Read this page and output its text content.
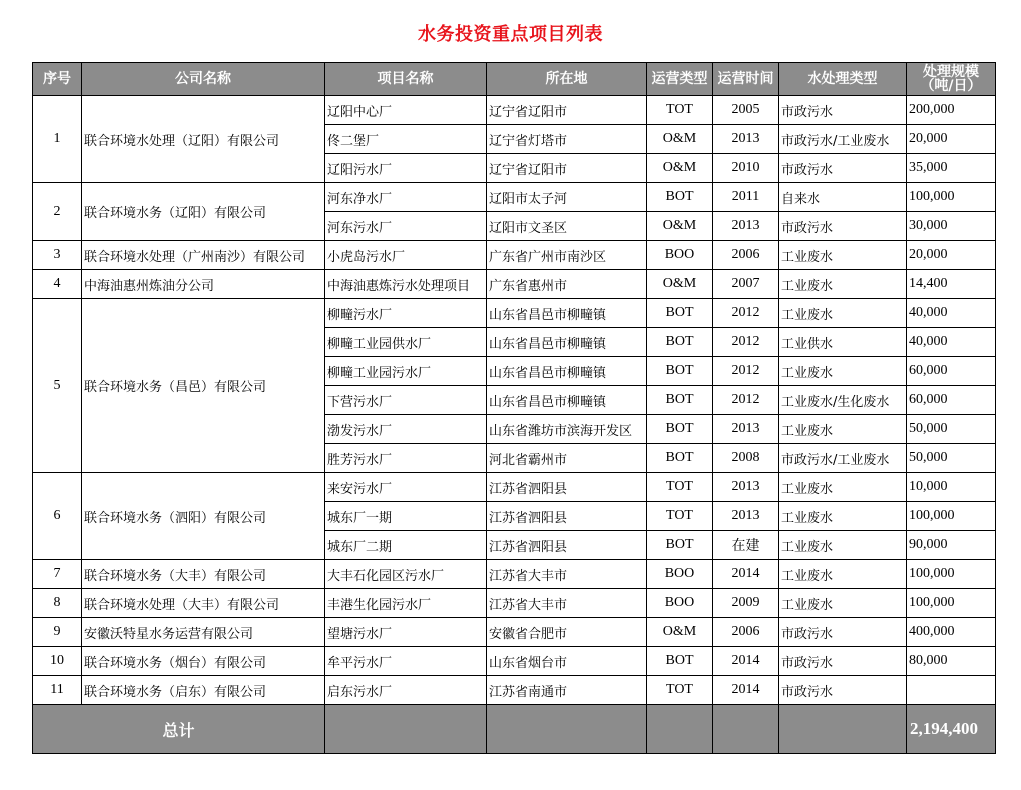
水务投资重点项目列表
序号	公司名称	项目名称	所在地	运营类型	运营时间	水处理类型	处理规模
（吨/日）

1	联合环境水处理（辽阳）有限公司	辽阳中心厂	辽宁省辽阳市	TOT	2005	市政污水	200,000
		佟二堡厂	辽宁省灯塔市	O&M	2013	市政污水/工业废水	20,000
		辽阳污水厂	辽宁省辽阳市	O&M	2010	市政污水	35,000
2	联合环境水务（辽阳）有限公司	河东净水厂	辽阳市太子河	BOT	2011	自来水	100,000
		河东污水厂	辽阳市文圣区	O&M	2013	市政污水	30,000
3	联合环境水处理（广州南沙）有限公司	小虎岛污水厂	广东省广州市南沙区	BOO	2006	工业废水	20,000
4	中海油惠州炼油分公司	中海油惠炼污水处理项目	广东省惠州市	O&M	2007	工业废水	14,400
5	联合环境水务（昌邑）有限公司	柳疃污水厂	山东省昌邑市柳疃镇	BOT	2012	工业废水	40,000
		柳疃工业园供水厂	山东省昌邑市柳疃镇	BOT	2012	工业供水	40,000
		柳疃工业园污水厂	山东省昌邑市柳疃镇	BOT	2012	工业废水	60,000
		下营污水厂	山东省昌邑市柳疃镇	BOT	2012	工业废水/生化废水	60,000
		渤发污水厂	山东省潍坊市滨海开发区	BOT	2013	工业废水	50,000
		胜芳污水厂	河北省霸州市	BOT	2008	市政污水/工业废水	50,000
6	联合环境水务（泗阳）有限公司	来安污水厂	江苏省泗阳县	TOT	2013	工业废水	10,000
		城东厂一期	江苏省泗阳县	TOT	2013	工业废水	100,000
		城东厂二期	江苏省泗阳县	BOT	在建	工业废水	90,000
7	联合环境水务（大丰）有限公司	大丰石化园区污水厂	江苏省大丰市	BOO	2014	工业废水	100,000
8	联合环境水处理（大丰）有限公司	丰港生化园污水厂	江苏省大丰市	BOO	2009	工业废水	100,000
9	安徽沃特星水务运营有限公司	望塘污水厂	安徽省合肥市	O&M	2006	市政污水	400,000
10	联合环境水务（烟台）有限公司	牟平污水厂	山东省烟台市	BOT	2014	市政污水	80,000
11	联合环境水务（启东）有限公司	启东污水厂	江苏省南通市	TOT	2014	市政污水	
总计							2,194,400
